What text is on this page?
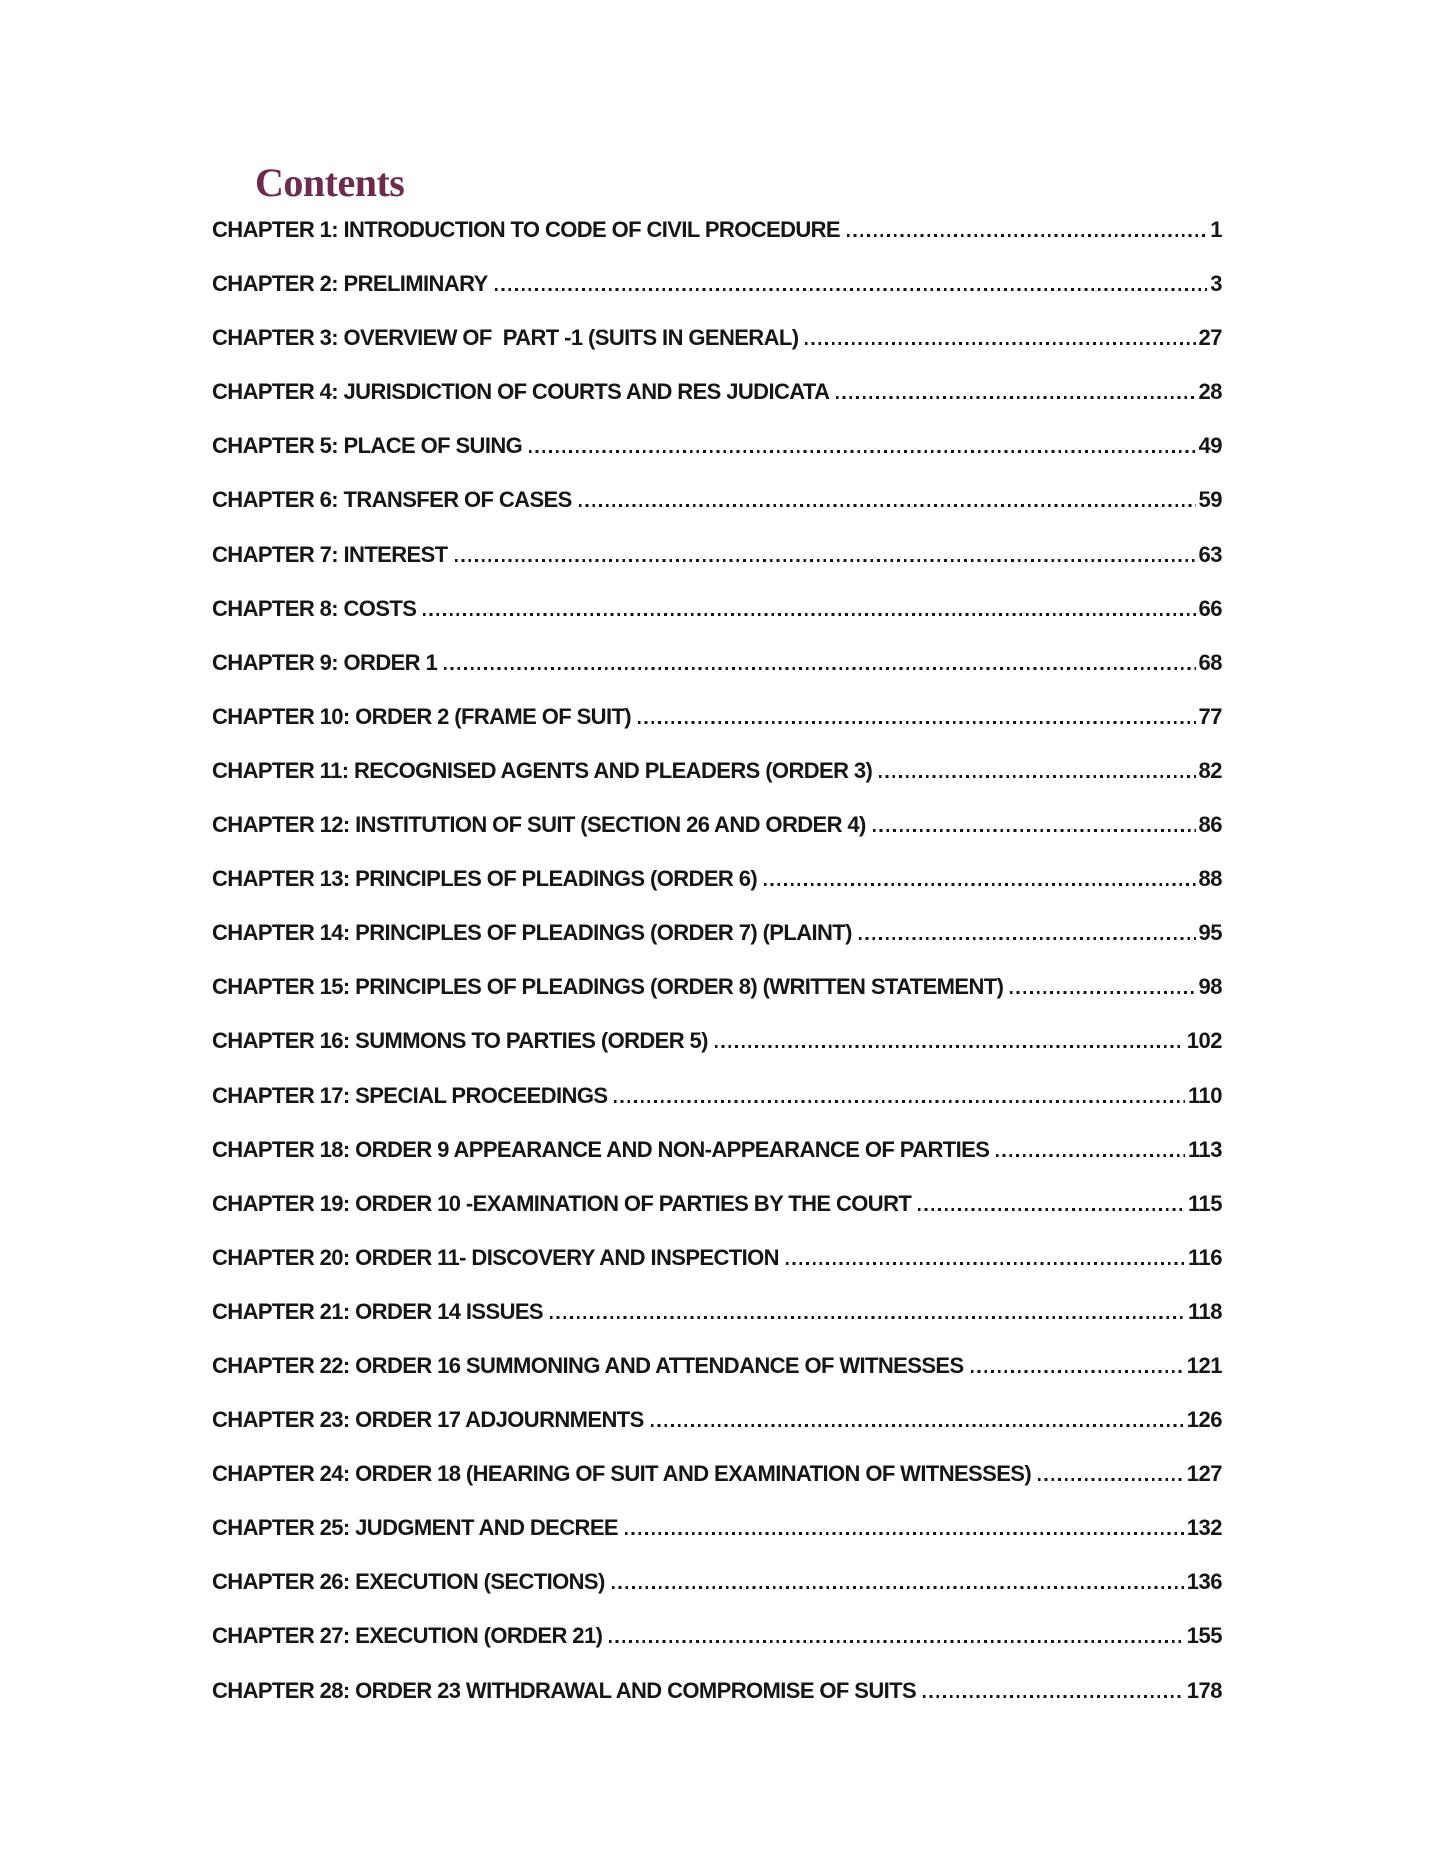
Contents
CHAPTER 1: INTRODUCTION TO CODE OF CIVIL PROCEDURE	1
CHAPTER 2: PRELIMINARY	3
CHAPTER 3: OVERVIEW OF  PART -1 (SUITS IN GENERAL)	27
CHAPTER 4: JURISDICTION OF COURTS AND RES JUDICATA	28
CHAPTER 5: PLACE OF SUING	49
CHAPTER 6: TRANSFER OF CASES	59
CHAPTER 7: INTEREST	63
CHAPTER 8: COSTS	66
CHAPTER 9: ORDER 1	68
CHAPTER 10: ORDER 2 (FRAME OF SUIT)	77
CHAPTER 11: RECOGNISED AGENTS AND PLEADERS (ORDER 3)	82
CHAPTER 12: INSTITUTION OF SUIT (SECTION 26 AND ORDER 4)	86
CHAPTER 13: PRINCIPLES OF PLEADINGS (ORDER 6)	88
CHAPTER 14: PRINCIPLES OF PLEADINGS (ORDER 7) (PLAINT)	95
CHAPTER 15: PRINCIPLES OF PLEADINGS (ORDER 8) (WRITTEN STATEMENT)	98
CHAPTER 16: SUMMONS TO PARTIES (ORDER 5)	102
CHAPTER 17: SPECIAL PROCEEDINGS	110
CHAPTER 18: ORDER 9 APPEARANCE AND NON-APPEARANCE OF PARTIES	113
CHAPTER 19: ORDER 10 -EXAMINATION OF PARTIES BY THE COURT	115
CHAPTER 20: ORDER 11- DISCOVERY AND INSPECTION	116
CHAPTER 21: ORDER 14 ISSUES	118
CHAPTER 22: ORDER 16 SUMMONING AND ATTENDANCE OF WITNESSES	121
CHAPTER 23: ORDER 17 ADJOURNMENTS	126
CHAPTER 24: ORDER 18 (HEARING OF SUIT AND EXAMINATION OF WITNESSES)	127
CHAPTER 25: JUDGMENT AND DECREE	132
CHAPTER 26: EXECUTION (SECTIONS)	136
CHAPTER 27: EXECUTION (ORDER 21)	155
CHAPTER 28: ORDER 23 WITHDRAWAL AND COMPROMISE OF SUITS	178
